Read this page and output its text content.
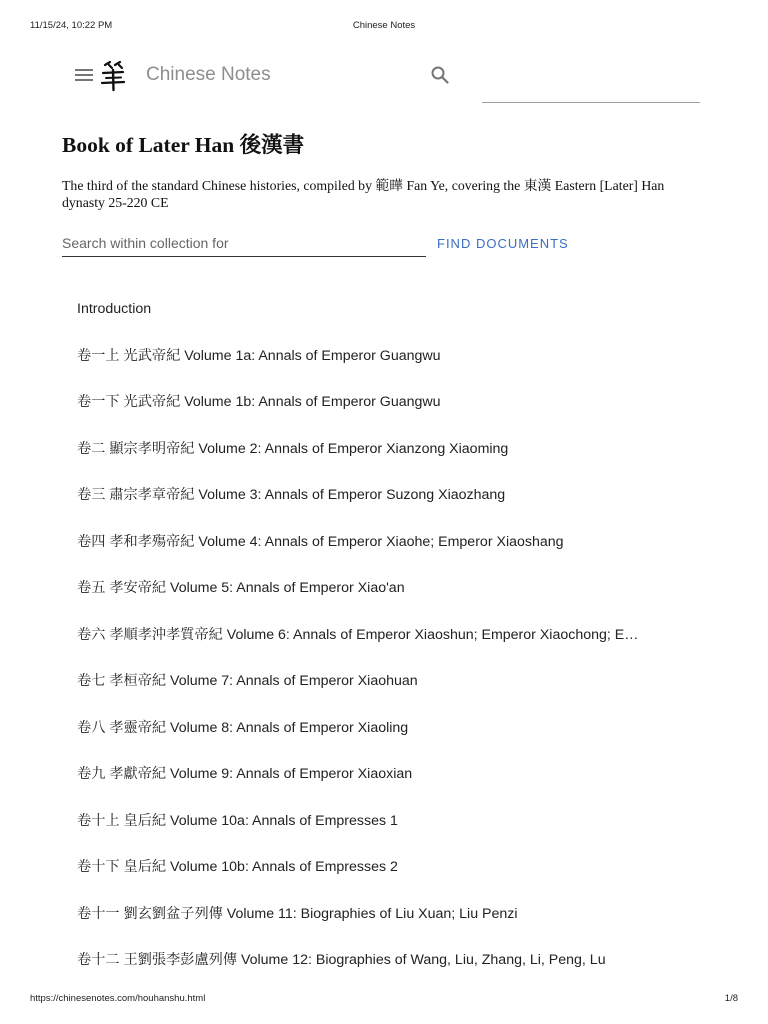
11/15/24, 10:22 PM	Chinese Notes
Chinese Notes
Book of Later Han 後漢書

The third of the standard Chinese histories, compiled by 範曄 Fan Ye, covering the 東漢 Eastern [Later] Han dynasty 25-220 CE

Search within collection for
FIND DOCUMENTS
Introduction
卷一上 光武帝紀 Volume 1a: Annals of Emperor Guangwu
卷一下 光武帝紀 Volume 1b: Annals of Emperor Guangwu
卷二 顯宗孝明帝紀 Volume 2: Annals of Emperor Xianzong Xiaoming
卷三 肅宗孝章帝紀 Volume 3: Annals of Emperor Suzong Xiaozhang
卷四 孝和孝殤帝紀 Volume 4: Annals of Emperor Xiaohe; Emperor Xiaoshang
卷五 孝安帝紀 Volume 5: Annals of Emperor Xiao'an
卷六 孝順孝沖孝質帝紀 Volume 6: Annals of Emperor Xiaoshun; Emperor Xiaochong; E…
卷七 孝桓帝紀 Volume 7: Annals of Emperor Xiaohuan
卷八 孝靈帝紀 Volume 8: Annals of Emperor Xiaoling
卷九 孝獻帝紀 Volume 9: Annals of Emperor Xiaoxian
卷十上 皇后紀 Volume 10a: Annals of Empresses 1
卷十下 皇后紀 Volume 10b: Annals of Empresses 2
卷十一 劉玄劉盆子列傳 Volume 11: Biographies of Liu Xuan; Liu Penzi
卷十二 王劉張李彭盧列傳 Volume 12: Biographies of Wang, Liu, Zhang, Li, Peng, Lu
https://chinesenotes.com/houhanshu.html	1/8
